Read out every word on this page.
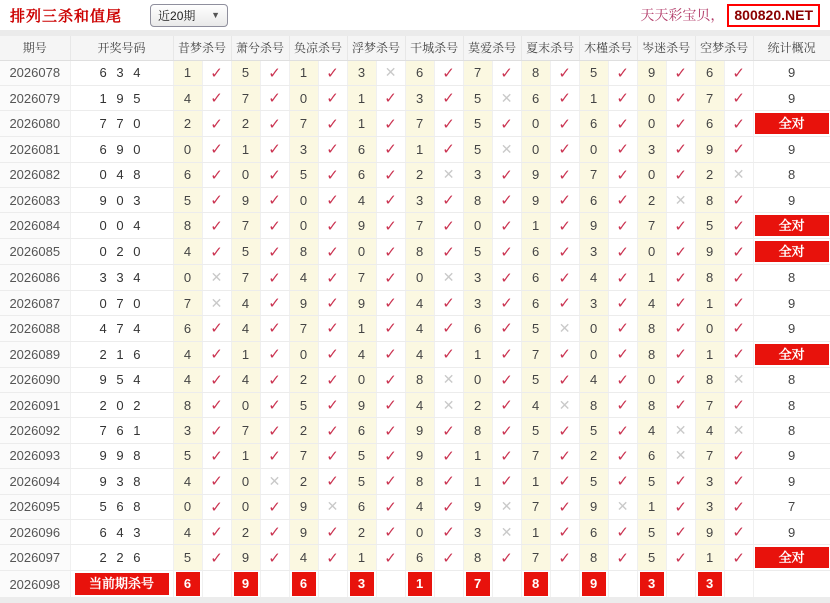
排列三杀和值尾	近20期 ▼	天天彩宝贝， 800820.NET
期号	开奖号码	昔梦杀号		萧兮杀号		奂凉杀号		浮梦杀号		干城杀号		莫爱杀号		夏末杀号		木槿杀号		岑迷杀号		空梦杀号		统计概况
2026078	6 3 4	1	✓	5	✓	1	✓	3	✕	6	✓	7	✓	8	✓	5	✓	9	✓	6	✓	9
2026079	1 9 5	4	✓	7	✓	0	✓	1	✓	3	✓	5	✕	6	✓	1	✓	0	✓	7	✓	9
2026080	7 7 0	2	✓	2	✓	7	✓	1	✓	7	✓	5	✓	0	✓	6	✓	0	✓	6	✓	全对

2026081	6 9 0	0	✓	1	✓	3	✓	6	✓	1	✓	5	✕	0	✓	0	✓	3	✓	9	✓	9
2026082	0 4 8	6	✓	0	✓	5	✓	6	✓	2	✕	3	✓	9	✓	7	✓	0	✓	2	✕	8
2026083	9 0 3	5	✓	9	✓	0	✓	4	✓	3	✓	8	✓	9	✓	6	✓	2	✕	8	✓	9
2026084	0 0 4	8	✓	7	✓	0	✓	9	✓	7	✓	0	✓	1	✓	9	✓	7	✓	5	✓	全对

2026085	0 2 0	4	✓	5	✓	8	✓	0	✓	8	✓	5	✓	6	✓	3	✓	0	✓	9	✓	全对

2026086	3 3 4	0	✕	7	✓	4	✓	7	✓	0	✕	3	✓	6	✓	4	✓	1	✓	8	✓	8
2026087	0 7 0	7	✕	4	✓	9	✓	9	✓	4	✓	3	✓	6	✓	3	✓	4	✓	1	✓	9
2026088	4 7 4	6	✓	4	✓	7	✓	1	✓	4	✓	6	✓	5	✕	0	✓	8	✓	0	✓	9
2026089	2 1 6	4	✓	1	✓	0	✓	4	✓	4	✓	1	✓	7	✓	0	✓	8	✓	1	✓	全对

2026090	9 5 4	4	✓	4	✓	2	✓	0	✓	8	✕	0	✓	5	✓	4	✓	0	✓	8	✕	8
2026091	2 0 2	8	✓	0	✓	5	✓	9	✓	4	✕	2	✓	4	✕	8	✓	8	✓	7	✓	8
2026092	7 6 1	3	✓	7	✓	2	✓	6	✓	9	✓	8	✓	5	✓	5	✓	4	✕	4	✕	8
2026093	9 9 8	5	✓	1	✓	7	✓	5	✓	9	✓	1	✓	7	✓	2	✓	6	✕	7	✓	9
2026094	9 3 8	4	✓	0	✕	2	✓	5	✓	8	✓	1	✓	1	✓	5	✓	5	✓	3	✓	9
2026095	5 6 8	0	✓	0	✓	9	✕	6	✓	4	✓	9	✕	7	✓	9	✕	1	✓	3	✓	7
2026096	6 4 3	4	✓	2	✓	9	✓	2	✓	0	✓	3	✕	1	✓	6	✓	5	✓	9	✓	9
2026097	2 2 6	5	✓	9	✓	4	✓	1	✓	6	✓	8	✓	7	✓	8	✓	5	✓	1	✓	全对

2026098	当前期杀号	6		9		6		3		1		7		8		9		3		3		
